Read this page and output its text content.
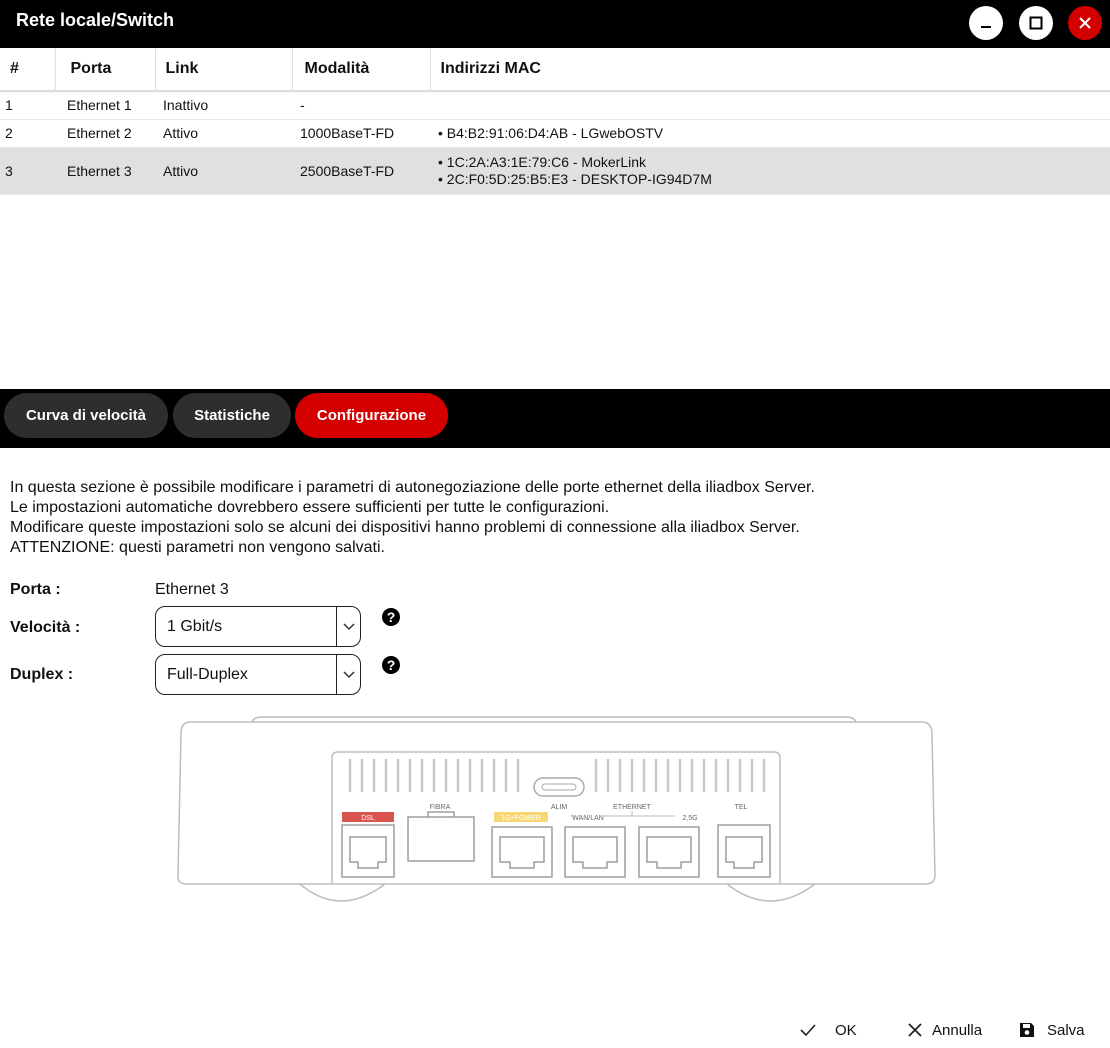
Rete locale/Switch
#	Porta	Link	Modalità	Indirizzi MAC
1	Ethernet 1	Inattivo	-	
2	Ethernet 2	Attivo	1000BaseT-FD	• B4:B2:91:06:D4:AB - LGwebOSTV

3	Ethernet 3	Attivo	2500BaseT-FD	• 1C:2A:A3:1E:79:C6 - MokerLink
• 2C:F0:5D:25:B5:E3 - DESKTOP-IG94D7M
Curva di velocità	Statistiche	Configurazione
In questa sezione è possibile modificare i parametri di autonegoziazione delle porte ethernet della iliadbox Server.
Le impostazioni automatiche dovrebbero essere sufficienti per tutte le configurazioni.
Modificare queste impostazioni solo se alcuni dei dispositivi hanno problemi di connessione alla iliadbox Server.
ATTENZIONE: questi parametri non vengono salvati.
Porta :	Ethernet 3
Velocità :	1 Gbit/s
?
Duplex :	Full-Duplex
?
DSL
FIBRA	ALIM	ETHERNET
1G+POWER	WAN/LAN	2,5G
TEL
OK	Annulla	Salva
